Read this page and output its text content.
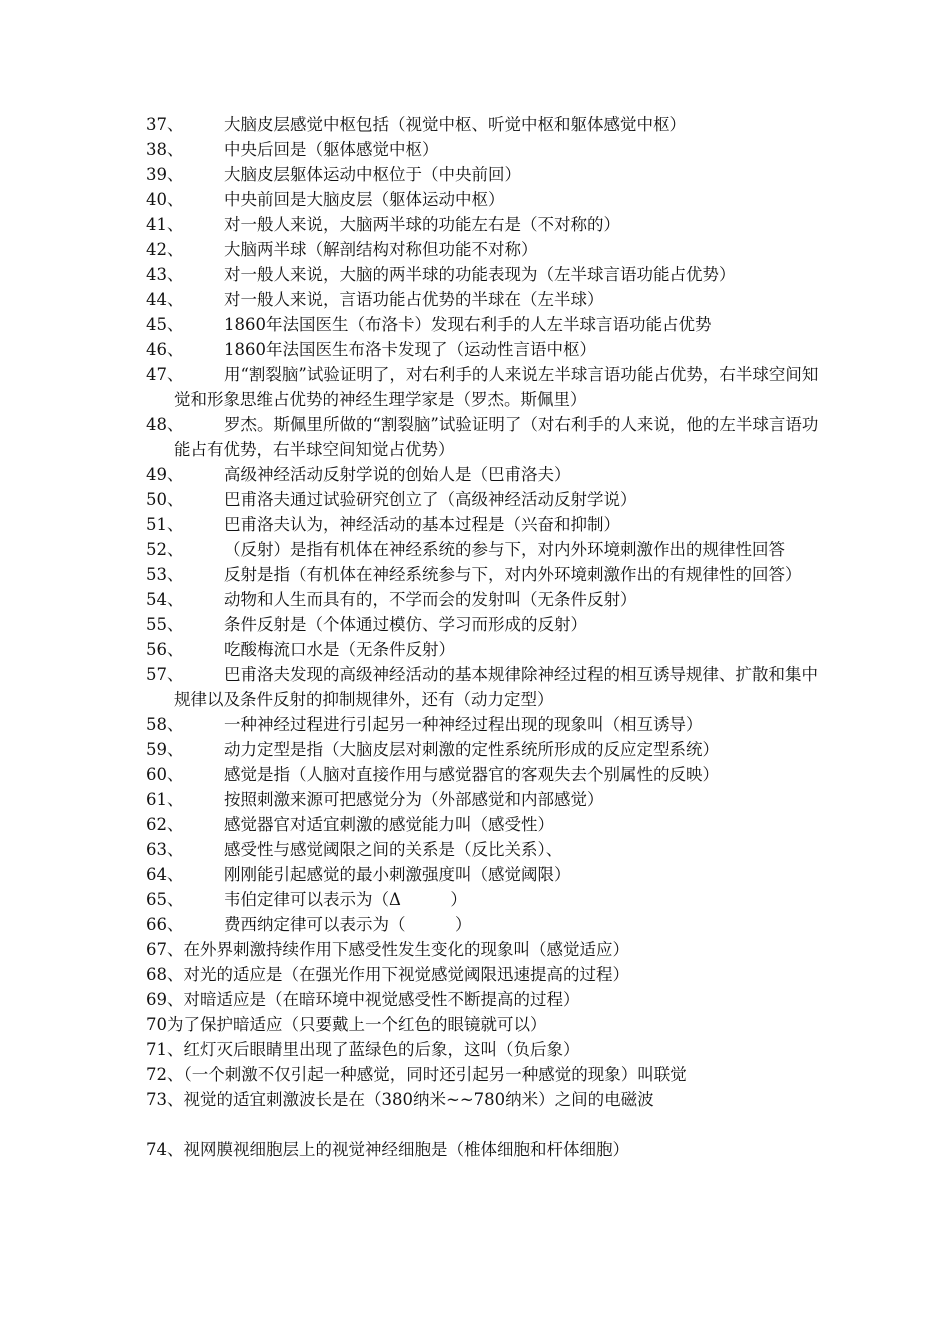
37、	大脑皮层感觉中枢包括（视觉中枢、听觉中枢和躯体感觉中枢）
38、	中央后回是（躯体感觉中枢）
39、	大脑皮层躯体运动中枢位于（中央前回）
40、	中央前回是大脑皮层（躯体运动中枢）
41、	对一般人来说，大脑两半球的功能左右是（不对称的）
42、	大脑两半球（解剖结构对称但功能不对称）
43、	对一般人来说，大脑的两半球的功能表现为（左半球言语功能占优势）
44、	对一般人来说，言语功能占优势的半球在（左半球）
45、	1860年法国医生（布洛卡）发现右利手的人左半球言语功能占优势
46、	1860年法国医生布洛卡发现了（运动性言语中枢）
47、	用“割裂脑”试验证明了，对右利手的人来说左半球言语功能占优势，右半球空间知觉和形象思维占优势的神经生理学家是（罗杰。斯佩里）
48、	罗杰。斯佩里所做的“割裂脑”试验证明了（对右利手的人来说，他的左半球言语功能占有优势，右半球空间知觉占优势）
49、	高级神经活动反射学说的创始人是（巴甫洛夫）
50、	巴甫洛夫通过试验研究创立了（高级神经活动反射学说）
51、	巴甫洛夫认为，神经活动的基本过程是（兴奋和抑制）
52、	（反射）是指有机体在神经系统的参与下，对内外环境刺激作出的规律性回答
53、	反射是指（有机体在神经系统参与下，对内外环境刺激作出的有规律性的回答）
54、	动物和人生而具有的，不学而会的发射叫（无条件反射）
55、	条件反射是（个体通过模仿、学习而形成的反射）
56、	吃酸梅流口水是（无条件反射）
57、	巴甫洛夫发现的高级神经活动的基本规律除神经过程的相互诱导规律、扩散和集中规律以及条件反射的抑制规律外，还有（动力定型）
58、	一种神经过程进行引起另一种神经过程出现的现象叫（相互诱导）
59、	动力定型是指（大脑皮层对刺激的定性系统所形成的反应定型系统）
60、	感觉是指（人脑对直接作用与感觉器官的客观失去个别属性的反映）
61、	按照刺激来源可把感觉分为（外部感觉和内部感觉）
62、	感觉器官对适宜刺激的感觉能力叫（感受性）
63、	感受性与感觉阈限之间的关系是（反比关系）、
64、	刚刚能引起感觉的最小刺激强度叫（感觉阈限）
65、	韦伯定律可以表示为（Δ　　　）
66、	费西纳定律可以表示为（　　　）
67、在外界刺激持续作用下感受性发生变化的现象叫（感觉适应）
68、对光的适应是（在强光作用下视觉感觉阈限迅速提高的过程）
69、对暗适应是（在暗环境中视觉感受性不断提高的过程）
70为了保护暗适应（只要戴上一个红色的眼镜就可以）
71、红灯灭后眼睛里出现了蓝绿色的后象，这叫（负后象）
72、（一个刺激不仅引起一种感觉，同时还引起另一种感觉的现象）叫联觉
73、视觉的适宜刺激波长是在（380纳米~~780纳米）之间的电磁波
74、视网膜视细胞层上的视觉神经细胞是（椎体细胞和杆体细胞）
